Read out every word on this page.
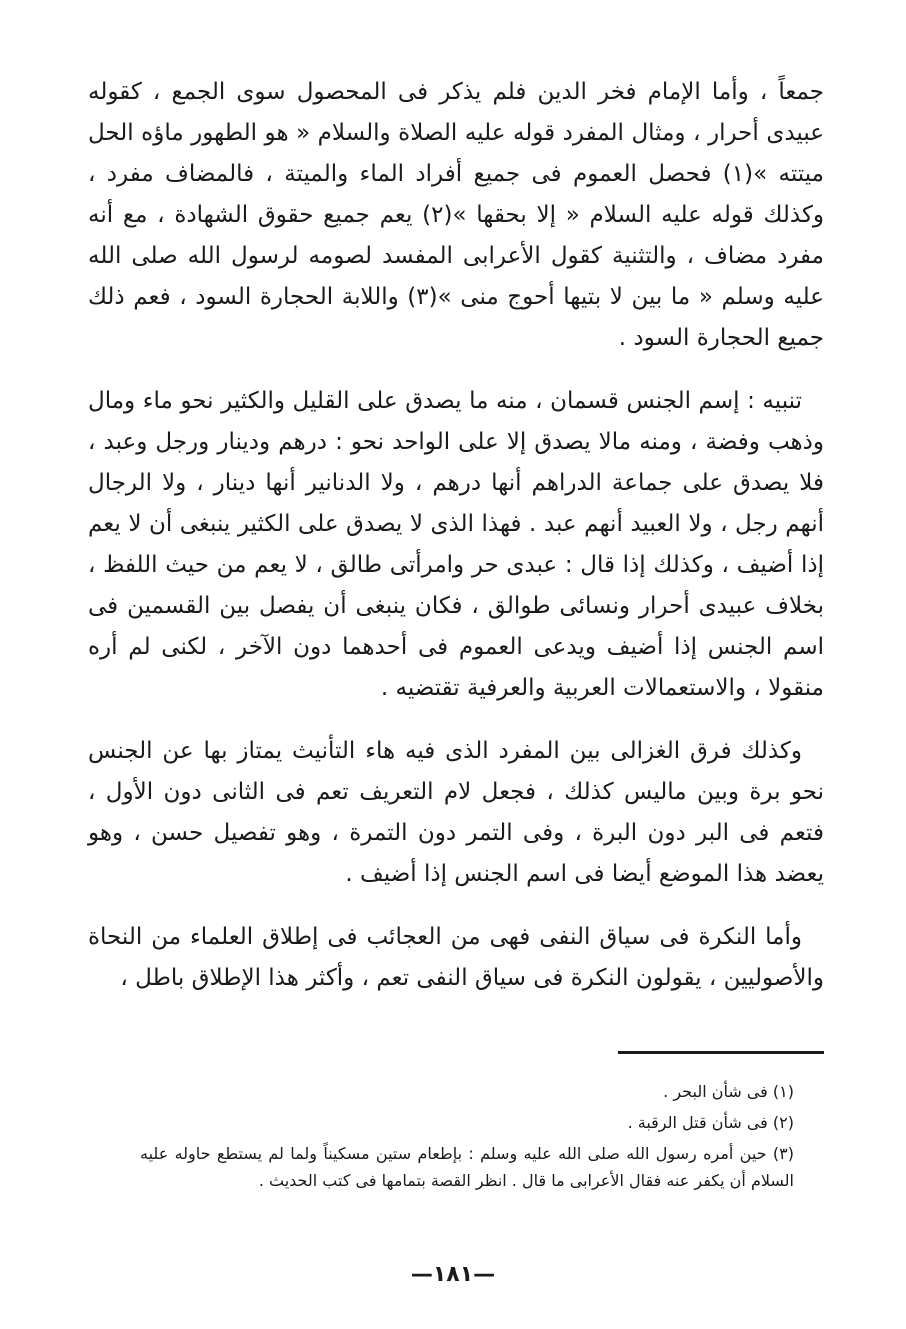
جمعاً ، وأما الإمام فخر الدين فلم يذكر فى المحصول سوى الجمع ، كقوله عبيدى أحرار ، ومثال المفرد قوله عليه الصلاة والسلام « هو الطهور ماؤه الحل ميتته »(١) فحصل العموم فى جميع أفراد الماء والميتة ، فالمضاف مفرد ، وكذلك قوله عليه السلام « إلا بحقها »(٢) يعم جميع حقوق الشهادة ، مع أنه مفرد مضاف ، والتثنية كقول الأعرابى المفسد لصومه لرسول الله صلى الله عليه وسلم « ما بين لا بتيها أحوج منى »(٣) واللابة الحجارة السود ، فعم ذلك جميع الحجارة السود .

تنبيه : إسم الجنس قسمان ، منه ما يصدق على القليل والكثير نحو ماء ومال وذهب وفضة ، ومنه مالا يصدق إلا على الواحد نحو : درهم ودينار ورجل وعبد ، فلا يصدق على جماعة الدراهم أنها درهم ، ولا الدنانير أنها دينار ، ولا الرجال أنهم رجل ، ولا العبيد أنهم عبد . فهذا الذى لا يصدق على الكثير ينبغى أن لا يعم إذا أضيف ، وكذلك إذا قال : عبدى حر وامرأتى طالق ، لا يعم من حيث اللفظ ، بخلاف عبيدى أحرار ونسائى طوالق ، فكان ينبغى أن يفصل بين القسمين فى اسم الجنس إذا أضيف ويدعى العموم فى أحدهما دون الآخر ، لكنى لم أره منقولا ، والاستعمالات العربية والعرفية تقتضيه .

وكذلك فرق الغزالى بين المفرد الذى فيه هاء التأنيث يمتاز بها عن الجنس نحو برة وبين ماليس كذلك ، فجعل لام التعريف تعم فى الثانى دون الأول ، فتعم فى البر دون البرة ، وفى التمر دون التمرة ، وهو تفصيل حسن ، وهو يعضد هذا الموضع أيضا فى اسم الجنس إذا أضيف .

وأما النكرة فى سياق النفى فهى من العجائب فى إطلاق العلماء من النحاة والأصوليين ، يقولون النكرة فى سياق النفى تعم ، وأكثر هذا الإطلاق باطل ،

(١) فى شأن البحر .

(٢) فى شأن قتل الرقبة .

(٣) حين أمره رسول الله صلى الله عليه وسلم : بإطعام ستين مسكيناً ولما لم يستطع حاوله عليه السلام أن يكفر عنه فقال الأعرابى ما قال . انظر القصة بتمامها فى كتب الحديث .

—١٨١—
